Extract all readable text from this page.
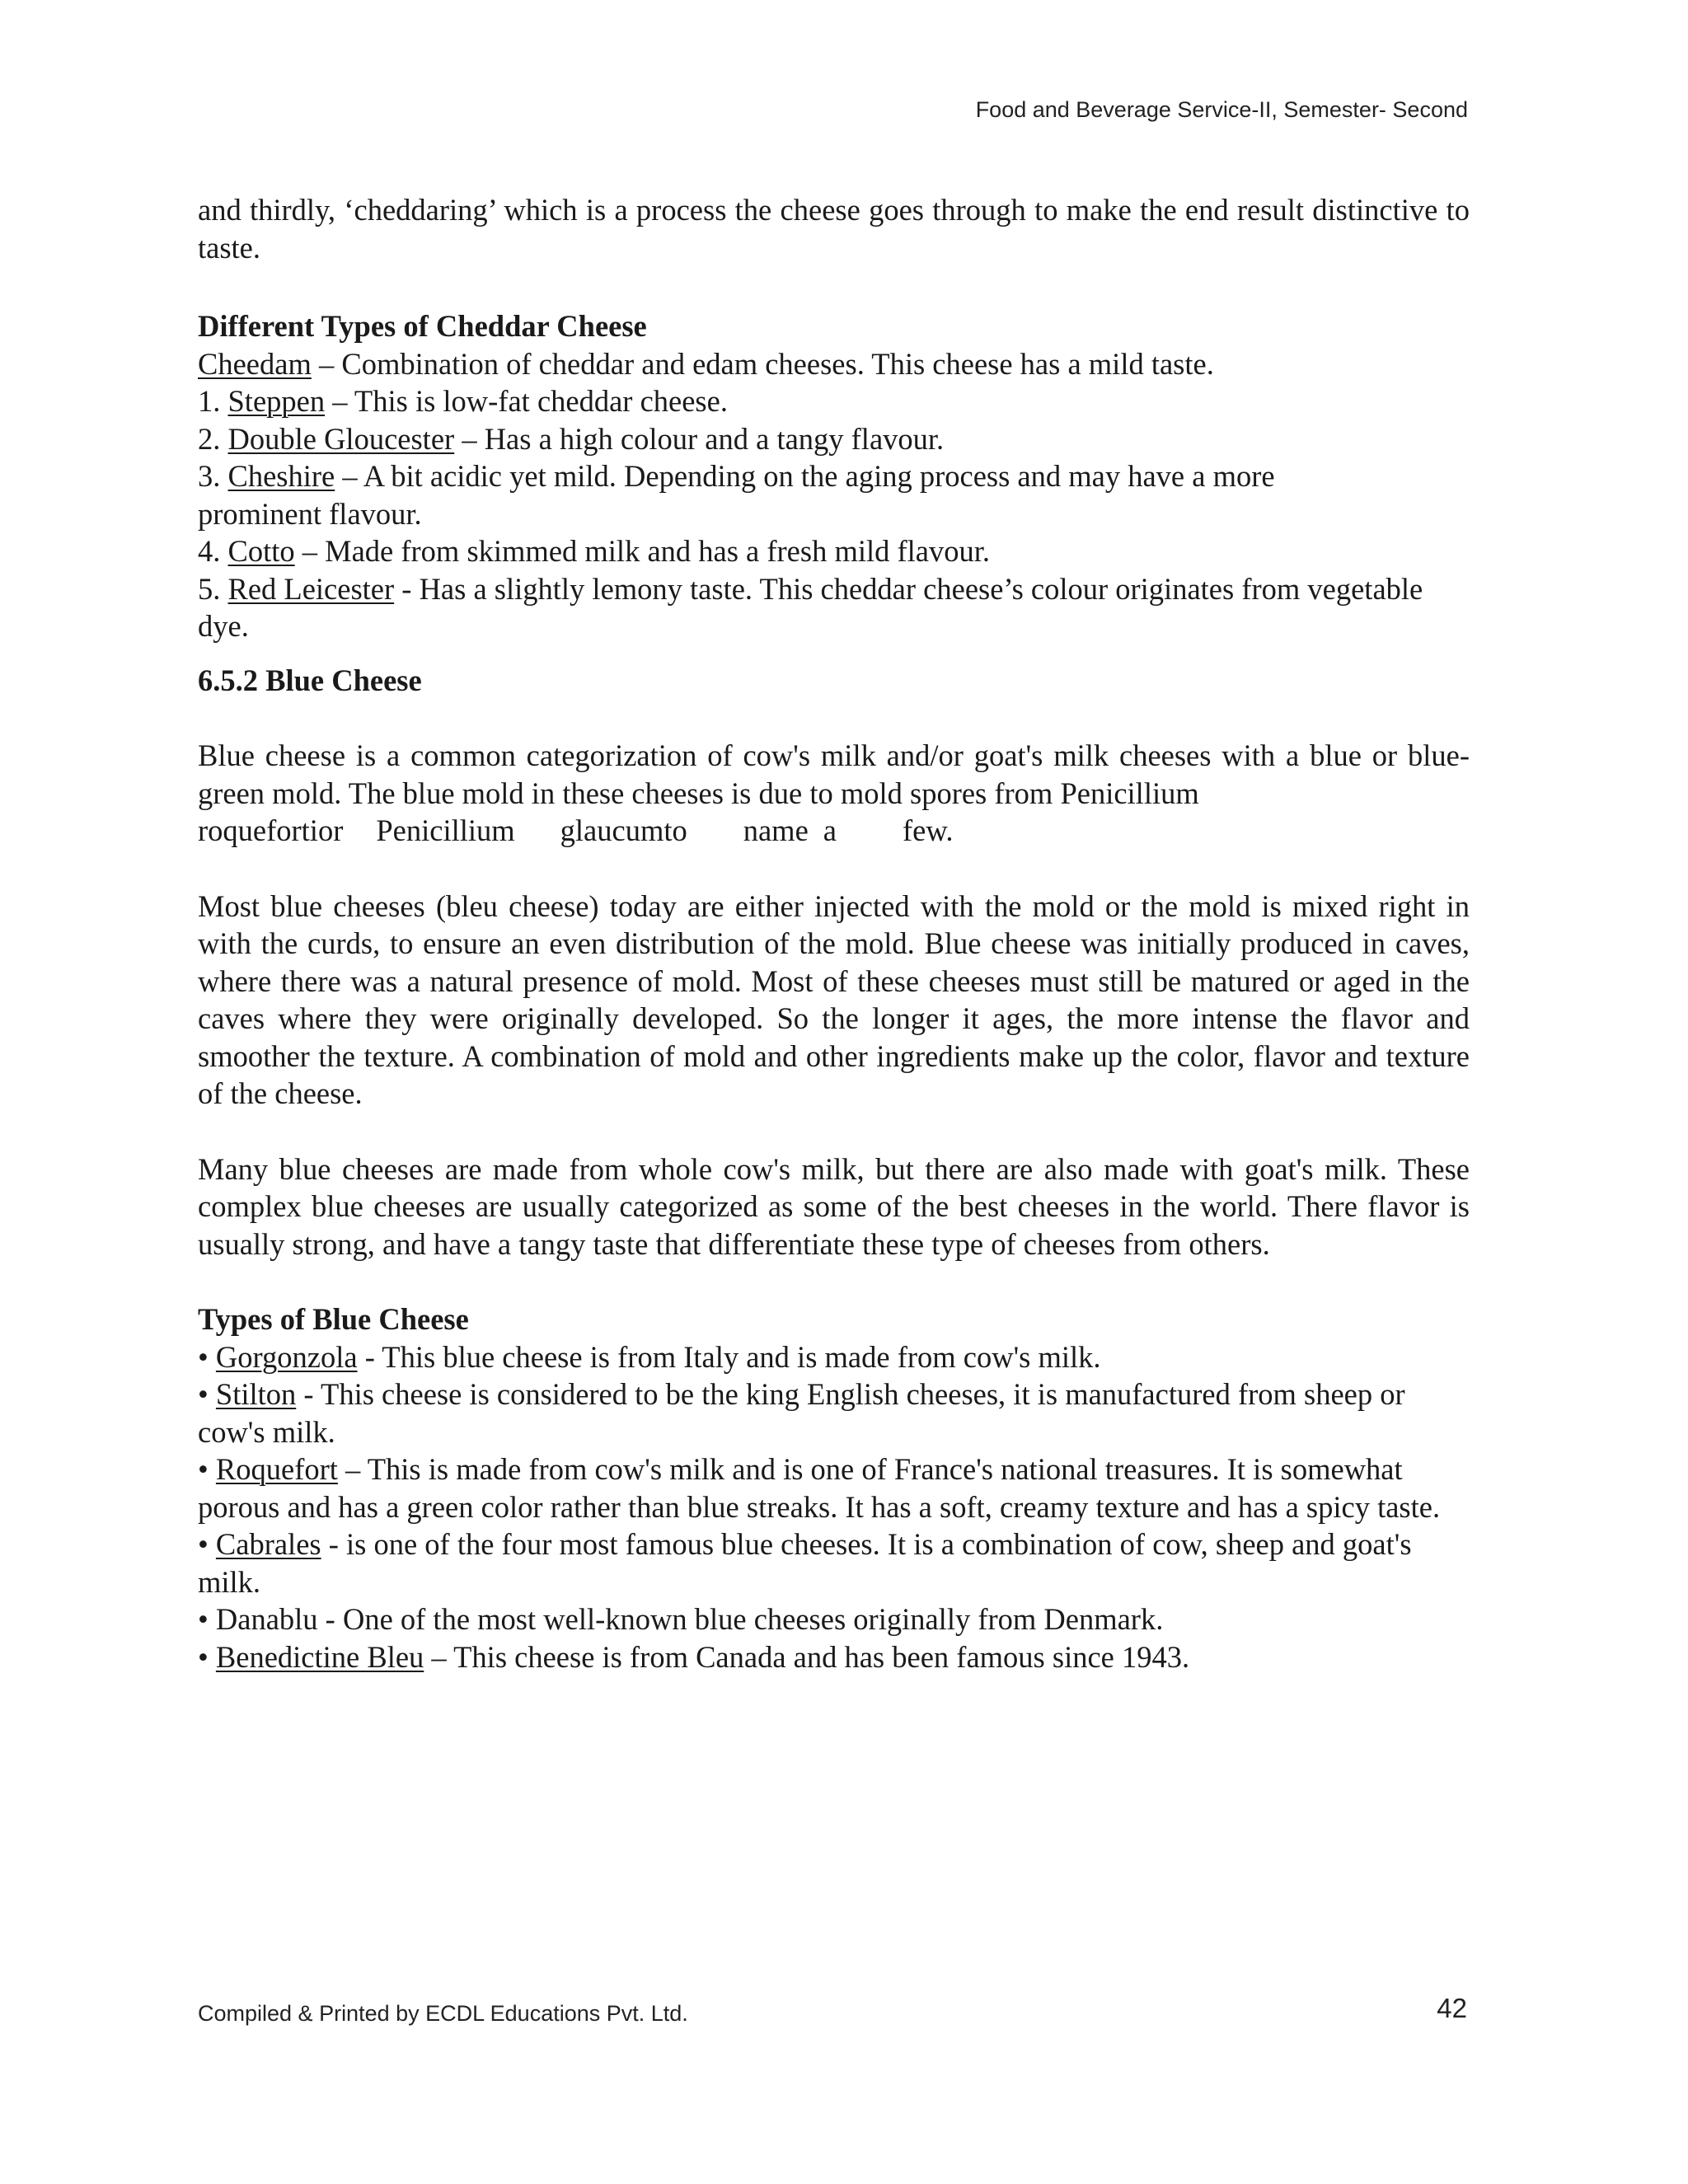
Food and Beverage Service-II, Semester- Second

and thirdly, ‘cheddaring’ which is a process the cheese goes through to make the end result distinctive to taste.

Different Types of Cheddar Cheese

Cheedam – Combination of cheddar and edam cheeses. This cheese has a mild taste.

1. Steppen – This is low-fat cheddar cheese.

2. Double Gloucester – Has a high colour and a tangy flavour.

3. Cheshire – A bit acidic yet mild. Depending on the aging process and may have a more prominent flavour.

4. Cotto – Made from skimmed milk and has a fresh mild flavour.

5. Red Leicester - Has a slightly lemony taste. This cheddar cheese’s colour originates from vegetable dye.

6.5.2 Blue Cheese

Blue cheese is a common categorization of cow's milk and/or goat's milk cheeses with a blue or blue-green mold. The blue mold in these cheeses is due to mold spores from Penicillium

roquefortior Penicillium glaucumto name a few.

Most blue cheeses (bleu cheese) today are either injected with the mold or the mold is mixed right in with the curds, to ensure an even distribution of the mold. Blue cheese was initially produced in caves, where there was a natural presence of mold. Most of these cheeses must still be matured or aged in the caves where they were originally developed. So the longer it ages, the more intense the flavor and smoother the texture. A combination of mold and other ingredients make up the color, flavor and texture of the cheese.

Many blue cheeses are made from whole cow's milk, but there are also made with goat's milk. These complex blue cheeses are usually categorized as some of the best cheeses in the world. There flavor is usually strong, and have a tangy taste that differentiate these type of cheeses from others.

Types of Blue Cheese

• Gorgonzola - This blue cheese is from Italy and is made from cow's milk.

• Stilton - This cheese is considered to be the king English cheeses, it is manufactured from sheep or cow's milk.

• Roquefort – This is made from cow's milk and is one of France's national treasures. It is somewhat porous and has a green color rather than blue streaks. It has a soft, creamy texture and has a spicy taste.

• Cabrales - is one of the four most famous blue cheeses. It is a combination of cow, sheep and goat's milk.

• Danablu - One of the most well-known blue cheeses originally from Denmark.

• Benedictine Bleu – This cheese is from Canada and has been famous since 1943.

Compiled & Printed by ECDL Educations Pvt. Ltd.	42
